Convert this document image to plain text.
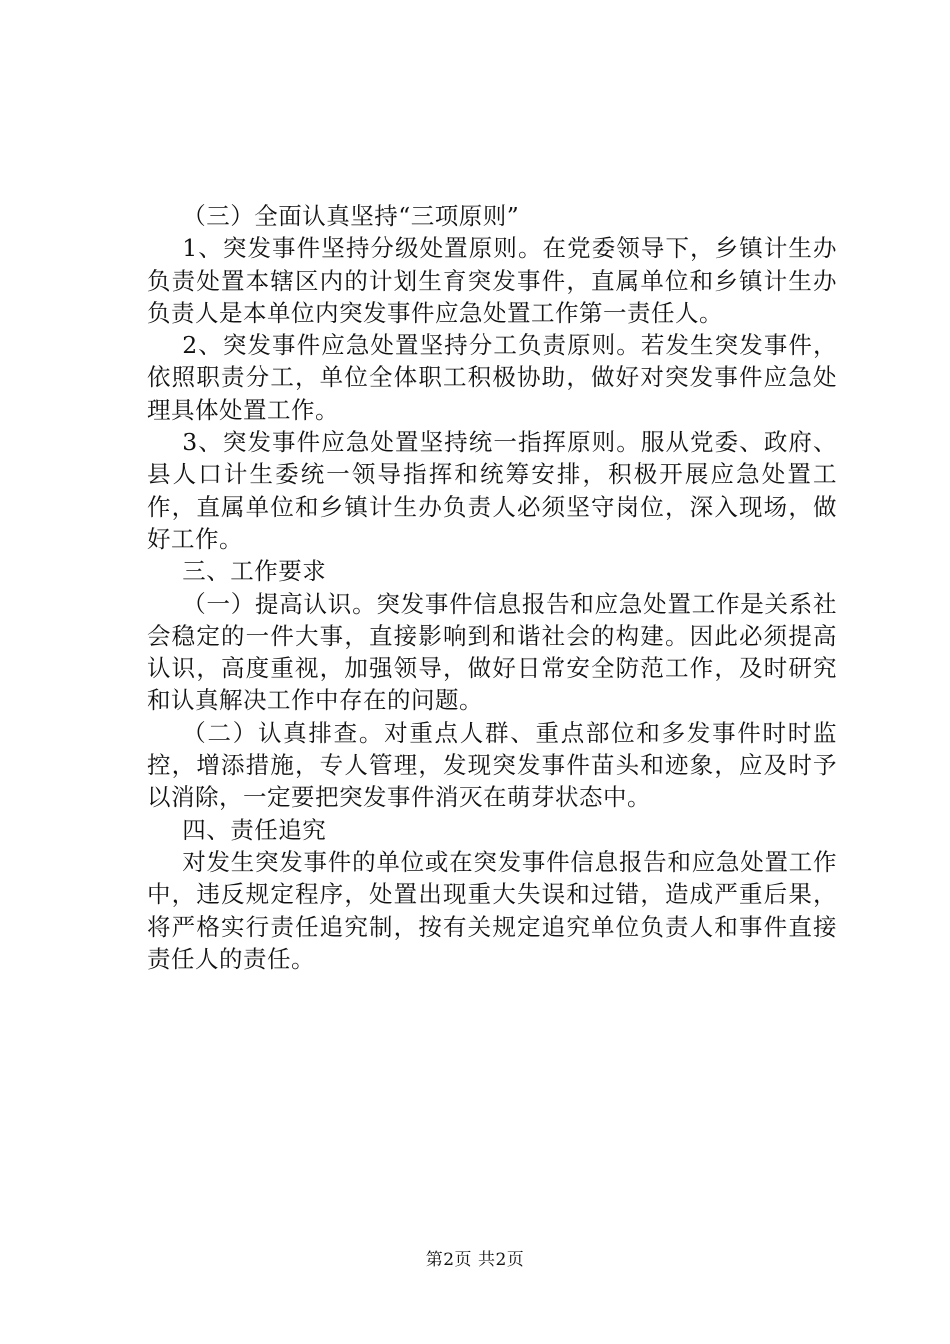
（三）全面认真坚持“三项原则”

1、突发事件坚持分级处置原则。在党委领导下，乡镇计生办负责处置本辖区内的计划生育突发事件，直属单位和乡镇计生办负责人是本单位内突发事件应急处置工作第一责任人。

2、突发事件应急处置坚持分工负责原则。若发生突发事件，依照职责分工，单位全体职工积极协助，做好对突发事件应急处理具体处置工作。

3、突发事件应急处置坚持统一指挥原则。服从党委、政府、县人口计生委统一领导指挥和统筹安排，积极开展应急处置工作，直属单位和乡镇计生办负责人必须坚守岗位，深入现场，做好工作。

三、工作要求

（一）提高认识。突发事件信息报告和应急处置工作是关系社会稳定的一件大事，直接影响到和谐社会的构建。因此必须提高认识，高度重视，加强领导，做好日常安全防范工作，及时研究和认真解决工作中存在的问题。

（二）认真排查。对重点人群、重点部位和多发事件时时监控，增添措施，专人管理，发现突发事件苗头和迹象，应及时予以消除，一定要把突发事件消灭在萌芽状态中。

四、责任追究

对发生突发事件的单位或在突发事件信息报告和应急处置工作中，违反规定程序，处置出现重大失误和过错，造成严重后果，将严格实行责任追究制，按有关规定追究单位负责人和事件直接责任人的责任。

第2页 共2页
